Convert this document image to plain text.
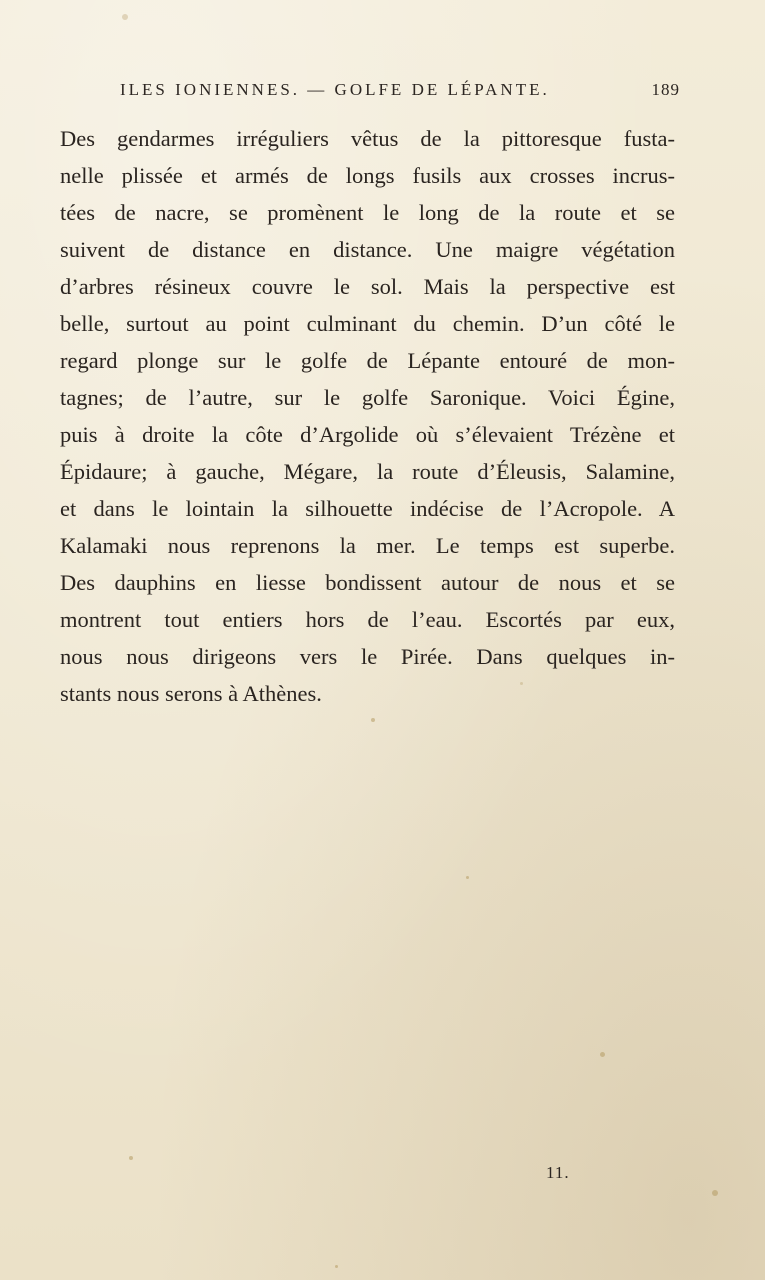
ILES IONIENNES. — GOLFE DE LÉPANTE.	189
Des gendarmes irréguliers vêtus de la pittoresque fusta-
nelle plissée et armés de longs fusils aux crosses incrus-
tées de nacre, se promènent le long de la route et se
suivent de distance en distance. Une maigre végétation
d’arbres résineux couvre le sol. Mais la perspective est
belle, surtout au point culminant du chemin. D’un côté le
regard plonge sur le golfe de Lépante entouré de mon-
tagnes; de l’autre, sur le golfe Saronique. Voici Égine,
puis à droite la côte d’Argolide où s’élevaient Trézène et
Épidaure; à gauche, Mégare, la route d’Éleusis, Salamine,
et dans le lointain la silhouette indécise de l’Acropole. A
Kalamaki nous reprenons la mer. Le temps est superbe.
Des dauphins en liesse bondissent autour de nous et se
montrent tout entiers hors de l’eau. Escortés par eux,
nous nous dirigeons vers le Pirée. Dans quelques in-
stants nous serons à Athènes.
11.
